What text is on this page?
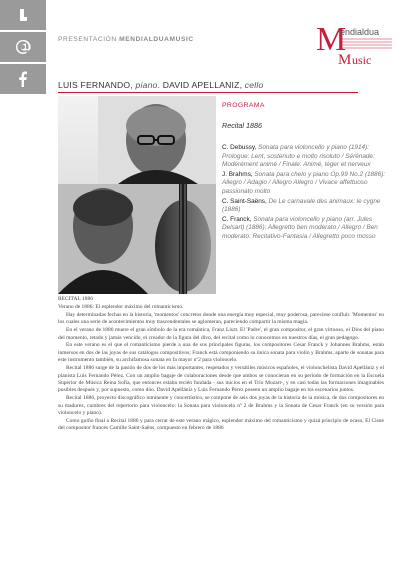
PRESENTACIÓN MENDIALDUAMUSIC	M
endialdua
M usic
LUIS FERNANDO, piano. DAVID APELLANIZ, cello
PROGRAMA
Recital 1886
C. Debussy, Sonata para violoncello y piano (1914): Prologue: Lent, sostenuto e molto risoluto / Sérénade: Modérément animé / Finale: Animé, léger et nerveux
J. Brahms, Sonata para chelo y piano Op.99 No.2 (1886): Allegro / Adagio / Allegro Allegro / Vivace affettuoso passionato molto
C. Saint-Saëns, De Le carnavale des animaux: le cygne (1886)
C. Franck, Sonata para violoncello y piano (arr. Jules Delsart) (1886): Allegretto ben moderato / Allegro / Ben moderato: Recitativo-Fantasia / Allegretto poco mosso

RECITAL 1886

Verano de 1886: El esplendor máximo del romanticismo.

Hay determinadas fechas en la historia, 'momentos' concretos donde una energía muy especial, muy poderosa, parecíese confluir. 'Momentos' en los cuales una serie de acontecimientos muy trascendentales se aglomeran, parecíendo compartir la misma magia.

En el verano de 1886 muere el gran símbolo de la era romántica, Franz Liszt. El 'Padre', el gran compositor, el gran virtuoso, el Dios del piano del momento, retado y jamás vencido, el creador de la figura del divo, del recital como lo conocemos en nuestros días, el gran pedagogo.

En este verano es el que el romanticismo pierde a una de sus principales figuras, los compositores Cesar Franck y Johannes Brahms, están inmersos en dos de las joyas de sus catálogos compositivos; Franck está componiendo su única sonata para violín y Brahms, aparte de sonatas para este instrumento también, su archifamosa sonata en fa mayor nº2 para violoncelo.

Recital 1886 surge de la pasión de dos de los más importantes, respetados y versátiles músicos españoles, el violonchelista David Apellániz y el pianista Luis Fernando Pérez. Con un amplio bagaje de colaboraciones desde que ambos se conocieran en su periodo de formación en la Escuela Superior de Música Reina Sofía, que entonces estaba recién fundada - sus inicios en el Trío Mozart-, y en casi todas las formaciones imaginables posibles después y, por supuesto, como dúo. David Apellániz y Luis Fernando Pérez poseen un amplio bagaje en los escenarios juntos.

Recital 1886, proyecto discográfico inminente y concertístico, se compone de seis dos joyas de la historia de la música, de dos compositores en su madurez, cumbres del repertorio para violoncelo: la Sonata para violoncelo nº 2 de Brahms y la Sonata de Cesar Franck (en su versión para violoncelo y piano).

Como guiño final a Recital 1886 y para cerrar de este verano mágico, esplendor máximo del romanticismo y quizá principio de ocaso, El Cisne del compositor francés Camille Saint-Saëns, compuesto en febrero de 1886
